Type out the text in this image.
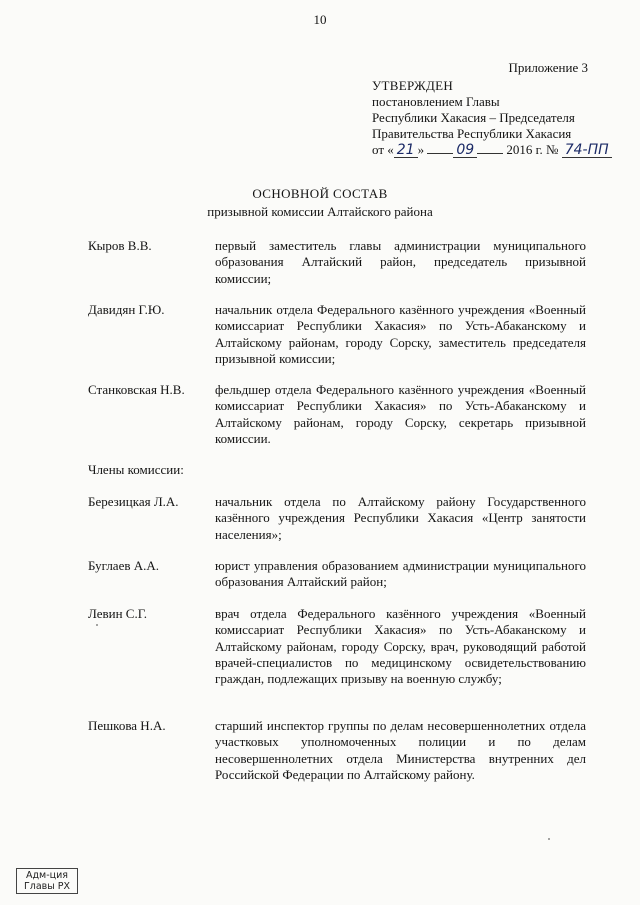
10
Приложение 3
УТВЕРЖДЕН
постановлением Главы
Республики Хакасия – Председателя
Правительства Республики Хакасия
от « 21 » 09 2016 г. № 74-ПП
ОСНОВНОЙ СОСТАВ
призывной комиссии Алтайского района
Кыров В.В.	первый заместитель главы администрации муниципального образования Алтайский район, председатель призывной комиссии;
Давидян Г.Ю.	начальник отдела Федерального казённого учреждения «Военный комиссариат Республики Хакасия» по Усть-Абаканскому и Алтайскому районам, городу Сорску, заместитель председателя призывной комиссии;
Станковская Н.В.	фельдшер отдела Федерального казённого учреждения «Военный комиссариат Республики Хакасия» по Усть-Абаканскому и Алтайскому районам, городу Сорску, секретарь призывной комиссии.
Члены комиссии:
Березицкая Л.А.	начальник отдела по Алтайскому району Государственного казённого учреждения Республики Хакасия «Центр занятости населения»;
Буглаев А.А.	юрист управления образованием администрации муниципального образования Алтайский район;
Левин С.Г.	врач отдела Федерального казённого учреждения «Военный комиссариат Республики Хакасия» по Усть-Абаканскому и Алтайскому районам, городу Сорску, врач, руководящий работой врачей-специалистов по медицинскому освидетельствованию граждан, подлежащих призыву на военную службу;
Пешкова Н.А.	старший инспектор группы по делам несовершеннолетних отдела участковых уполномоченных полиции и по делам несовершеннолетних отдела Министерства внутренних дел Российской Федерации по Алтайскому району.
Адм-ция
Главы РХ
